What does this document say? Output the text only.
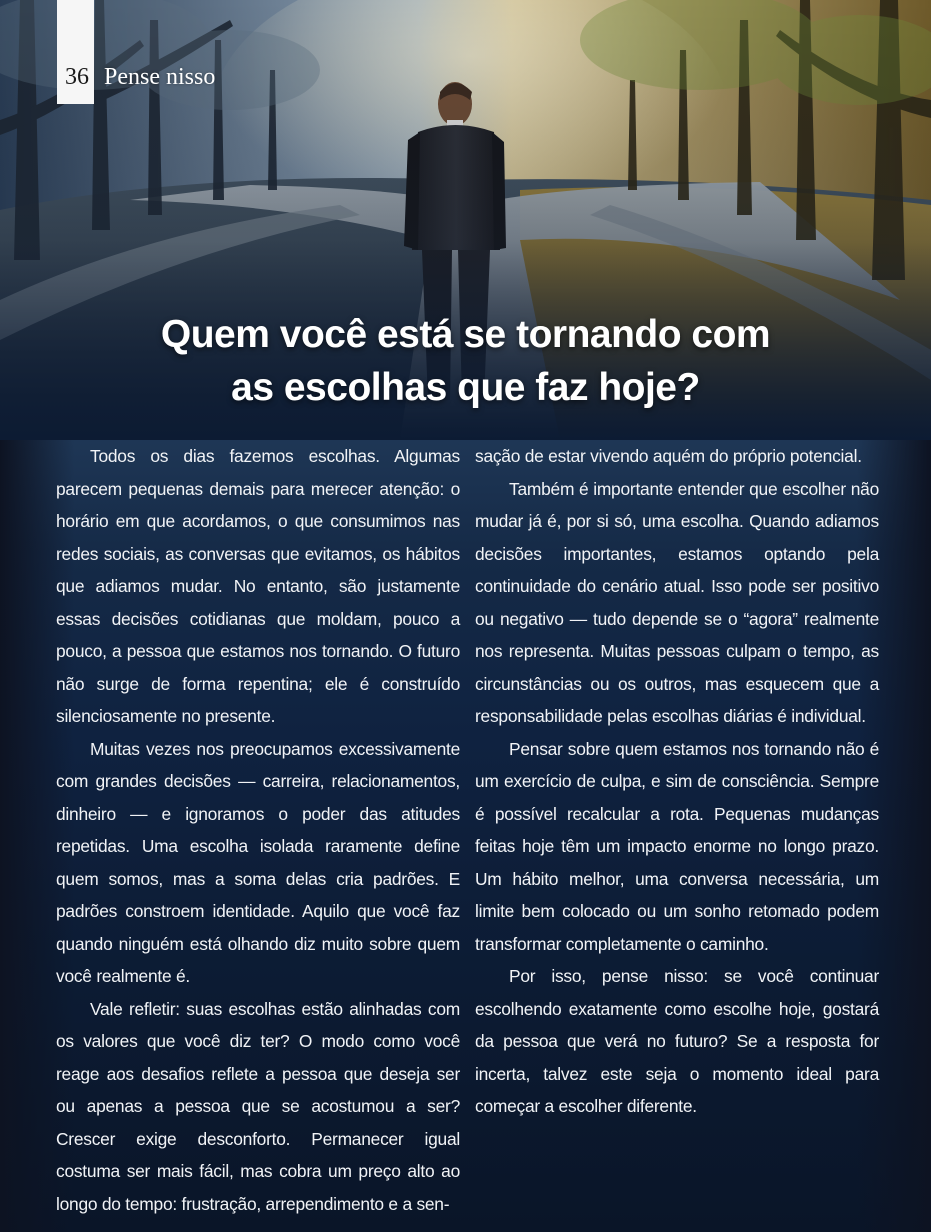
36 Pense nisso
Quem você está se tornando com
as escolhas que faz hoje?

Todos os dias fazemos escolhas. Algumas parecem pequenas demais para merecer atenção: o horário em que acordamos, o que consumimos nas redes sociais, as conversas que evitamos, os hábitos que adiamos mudar. No entanto, são justamente essas decisões cotidianas que moldam, pouco a pouco, a pessoa que estamos nos tornando. O futuro não surge de forma repentina; ele é construído silenciosamente no presente.

Muitas vezes nos preocupamos excessivamente com grandes decisões — carreira, relacionamentos, dinheiro — e ignoramos o poder das atitudes repetidas. Uma escolha isolada raramente define quem somos, mas a soma delas cria padrões. E padrões constroem identidade. Aquilo que você faz quando ninguém está olhando diz muito sobre quem você realmente é.

Vale refletir: suas escolhas estão alinhadas com os valores que você diz ter? O modo como você reage aos desafios reflete a pessoa que deseja ser ou apenas a pessoa que se acostumou a ser? Crescer exige desconforto. Permanecer igual costuma ser mais fácil, mas cobra um preço alto ao longo do tempo: frustração, arrependimento e a sen-

sação de estar vivendo aquém do próprio potencial.

Também é importante entender que escolher não mudar já é, por si só, uma escolha. Quando adiamos decisões importantes, estamos optando pela continuidade do cenário atual. Isso pode ser positivo ou negativo — tudo depende se o “agora” realmente nos representa. Muitas pessoas culpam o tempo, as circunstâncias ou os outros, mas esquecem que a responsabilidade pelas escolhas diárias é individual.

Pensar sobre quem estamos nos tornando não é um exercício de culpa, e sim de consciência. Sempre é possível recalcular a rota. Pequenas mudanças feitas hoje têm um impacto enorme no longo prazo. Um hábito melhor, uma conversa necessária, um limite bem colocado ou um sonho retomado podem transformar completamente o caminho.

Por isso, pense nisso: se você continuar escolhendo exatamente como escolhe hoje, gostará da pessoa que verá no futuro? Se a resposta for incerta, talvez este seja o momento ideal para começar a escolher diferente.
